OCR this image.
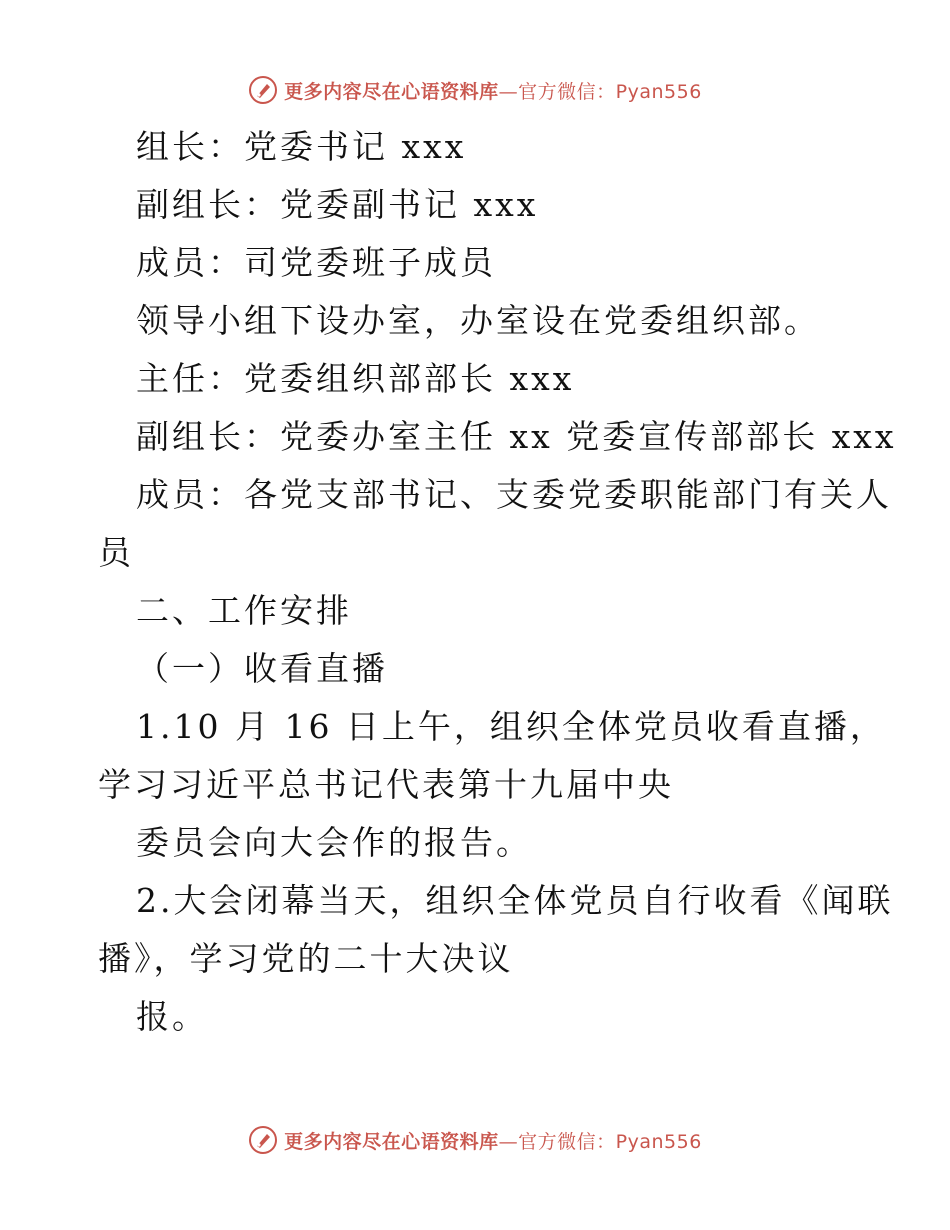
更多内容尽在心语资料库—官方微信：Pyan556
组长：党委书记 xxx
副组长：党委副书记 xxx
成员：司党委班子成员
领导小组下设办室，办室设在党委组织部。
主任：党委组织部部长 xxx
副组长：党委办室主任 xx 党委宣传部部长 xxx
成员：各党支部书记、支委党委职能部门有关人
员
二、工作安排
（一）收看直播
1.10 月 16 日上午，组织全体党员收看直播，
学习习近平总书记代表第十九届中央
委员会向大会作的报告。
2.大会闭幕当天，组织全体党员自行收看《闻联
播》，学习党的二十大决议
报。
更多内容尽在心语资料库—官方微信：Pyan556
